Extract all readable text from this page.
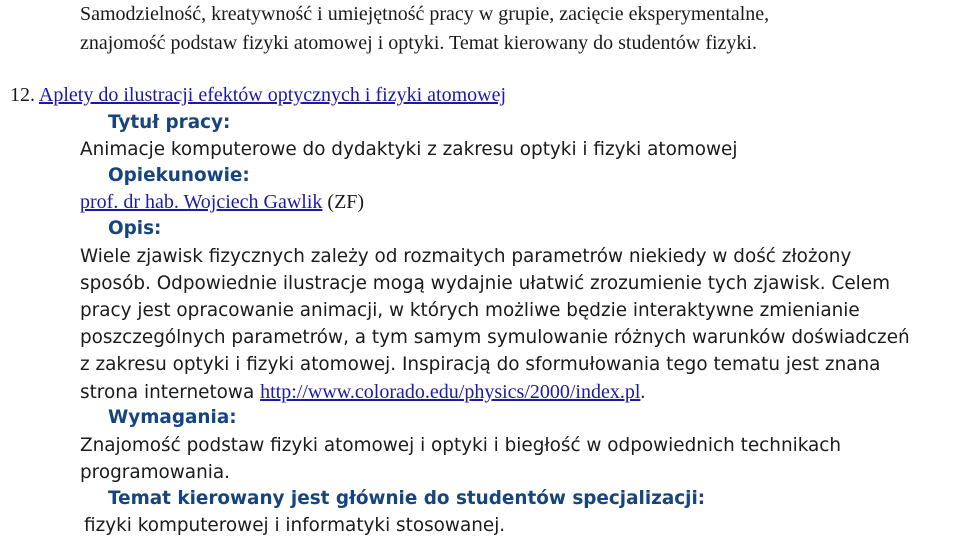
Samodzielność, kreatywność i umiejętność pracy w grupie, zacięcie eksperymentalne,
znajomość podstaw fizyki atomowej i optyki. Temat kierowany do studentów fizyki.
12. Aplety do ilustracji efektów optycznych i fizyki atomowej
Tytuł pracy:
Animacje komputerowe do dydaktyki z zakresu optyki i fizyki atomowej
Opiekunowie:
prof. dr hab. Wojciech Gawlik (ZF)
Opis:
Wiele zjawisk fizycznych zależy od rozmaitych parametrów niekiedy w dość złożony
sposób. Odpowiednie ilustracje mogą wydajnie ułatwić zrozumienie tych zjawisk. Celem
pracy jest opracowanie animacji, w których możliwe będzie interaktywne zmienianie
poszczególnych parametrów, a tym samym symulowanie różnych warunków doświadczeń
z zakresu optyki i fizyki atomowej. Inspiracją do sformułowania tego tematu jest znana
strona internetowa http://www.colorado.edu/physics/2000/index.pl.
Wymagania:
Znajomość podstaw fizyki atomowej i optyki i biegłość w odpowiednich technikach
programowania.
Temat kierowany jest głównie do studentów specjalizacji:
fizyki komputerowej i informatyki stosowanej.
